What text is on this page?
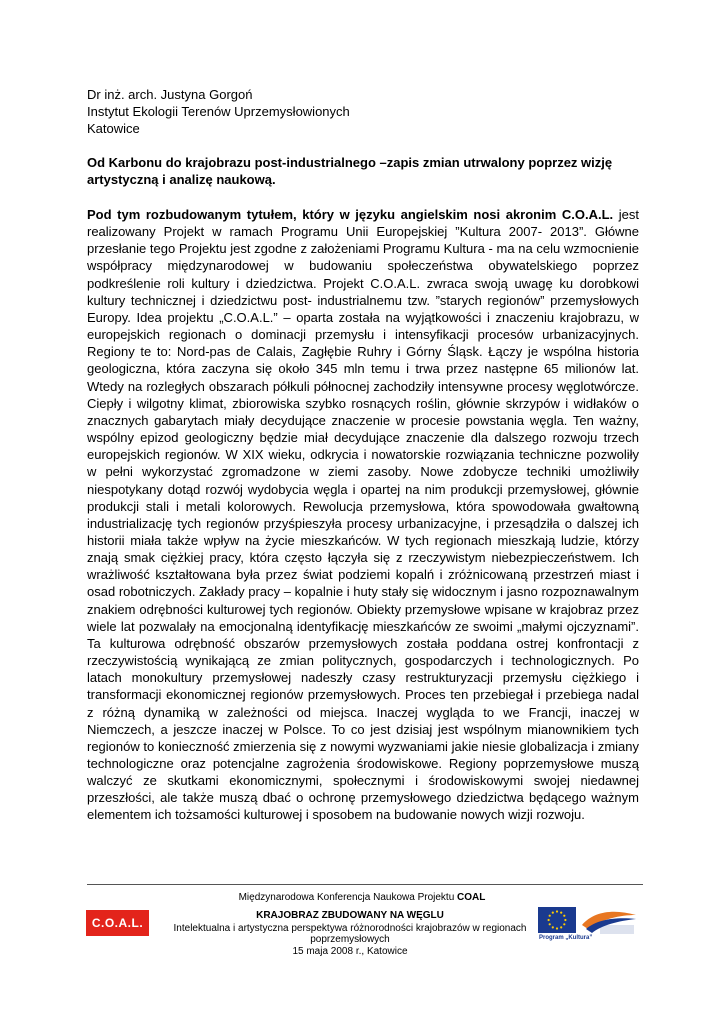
Dr inż. arch. Justyna Gorgoń
Instytut Ekologii Terenów Uprzemysłowionych
Katowice
Od Karbonu do krajobrazu post-industrialnego –zapis zmian utrwalony poprzez wizję artystyczną i analizę naukową.
Pod tym rozbudowanym tytułem, który w języku angielskim nosi akronim C.O.A.L. jest realizowany Projekt w ramach Programu Unii Europejskiej ”Kultura 2007- 2013”. Główne przesłanie tego Projektu jest zgodne z założeniami Programu Kultura - ma na celu wzmocnienie współpracy międzynarodowej w budowaniu społeczeństwa obywatelskiego poprzez podkreślenie roli kultury i dziedzictwa. Projekt C.O.A.L. zwraca swoją uwagę ku dorobkowi kultury technicznej i dziedzictwu post- industrialnemu tzw. ”starych regionów” przemysłowych Europy. Idea projektu „C.O.A.L.” – oparta została na wyjątkowości i znaczeniu krajobrazu, w europejskich regionach o dominacji przemysłu i intensyfikacji procesów urbanizacyjnych. Regiony te to: Nord-pas de Calais, Zagłębie Ruhry i Górny Śląsk. Łączy je wspólna historia geologiczna, która zaczyna się około 345 mln temu i trwa przez następne 65 milionów lat. Wtedy na rozległych obszarach półkuli północnej zachodziły intensywne procesy węglotwórcze. Ciepły i wilgotny klimat, zbiorowiska szybko rosnących roślin, głównie skrzypów i widłaków o znacznych gabarytach miały decydujące znaczenie w procesie powstania węgla. Ten ważny, wspólny epizod geologiczny będzie miał decydujące znaczenie dla dalszego rozwoju trzech europejskich regionów. W XIX wieku, odkrycia i nowatorskie rozwiązania techniczne pozwoliły w pełni wykorzystać zgromadzone w ziemi zasoby. Nowe zdobycze techniki umożliwiły niespotykany dotąd rozwój wydobycia węgla i opartej na nim produkcji przemysłowej, głównie produkcji stali i metali kolorowych. Rewolucja przemysłowa, która spowodowała gwałtowną industrializację tych regionów przyśpieszyła procesy urbanizacyjne, i przesądziła o dalszej ich historii miała także wpływ na życie mieszkańców. W tych regionach mieszkają ludzie, którzy znają smak ciężkiej pracy, która często łączyła się z rzeczywistym niebezpieczeństwem. Ich wrażliwość kształtowana była przez świat podziemi kopalń i zróżnicowaną przestrzeń miast i osad robotniczych. Zakłady pracy – kopalnie i huty stały się widocznym i jasno rozpoznawalnym znakiem odrębności kulturowej tych regionów. Obiekty przemysłowe wpisane w krajobraz przez wiele lat pozwalały na emocjonalną identyfikację mieszkańców ze swoimi „małymi ojczyznami”. Ta kulturowa odrębność obszarów przemysłowych została poddana ostrej konfrontacji z rzeczywistością wynikającą ze zmian politycznych, gospodarczych i technologicznych. Po latach monokultury przemysłowej nadeszły czasy restrukturyzacji przemysłu ciężkiego i transformacji ekonomicznej regionów przemysłowych. Proces ten przebiegał i przebiega nadal z różną dynamiką w zależności od miejsca. Inaczej wygląda to we Francji, inaczej w Niemczech, a jeszcze inaczej w Polsce. To co jest dzisiaj jest wspólnym mianownikiem tych regionów to konieczność zmierzenia się z nowymi wyzwaniami jakie niesie globalizacja i zmiany technologiczne oraz potencjalne zagrożenia środowiskowe. Regiony poprzemysłowe muszą walczyć ze skutkami ekonomicznymi, społecznymi i środowiskowymi swojej niedawnej przeszłości, ale także muszą dbać o ochronę przemysłowego dziedzictwa będącego ważnym elementem ich tożsamości kulturowej i sposobem na budowanie nowych wizji rozwoju.
Międzynarodowa Konferencja Naukowa Projektu COAL
C.O.A.L.
KRAJOBRAZ ZBUDOWANY NA WĘGLU
Intelektualna i artystyczna perspektywa różnorodności krajobrazów w regionach poprzemysłowych
15 maja 2008 r., Katowice
Program „Kultura”
